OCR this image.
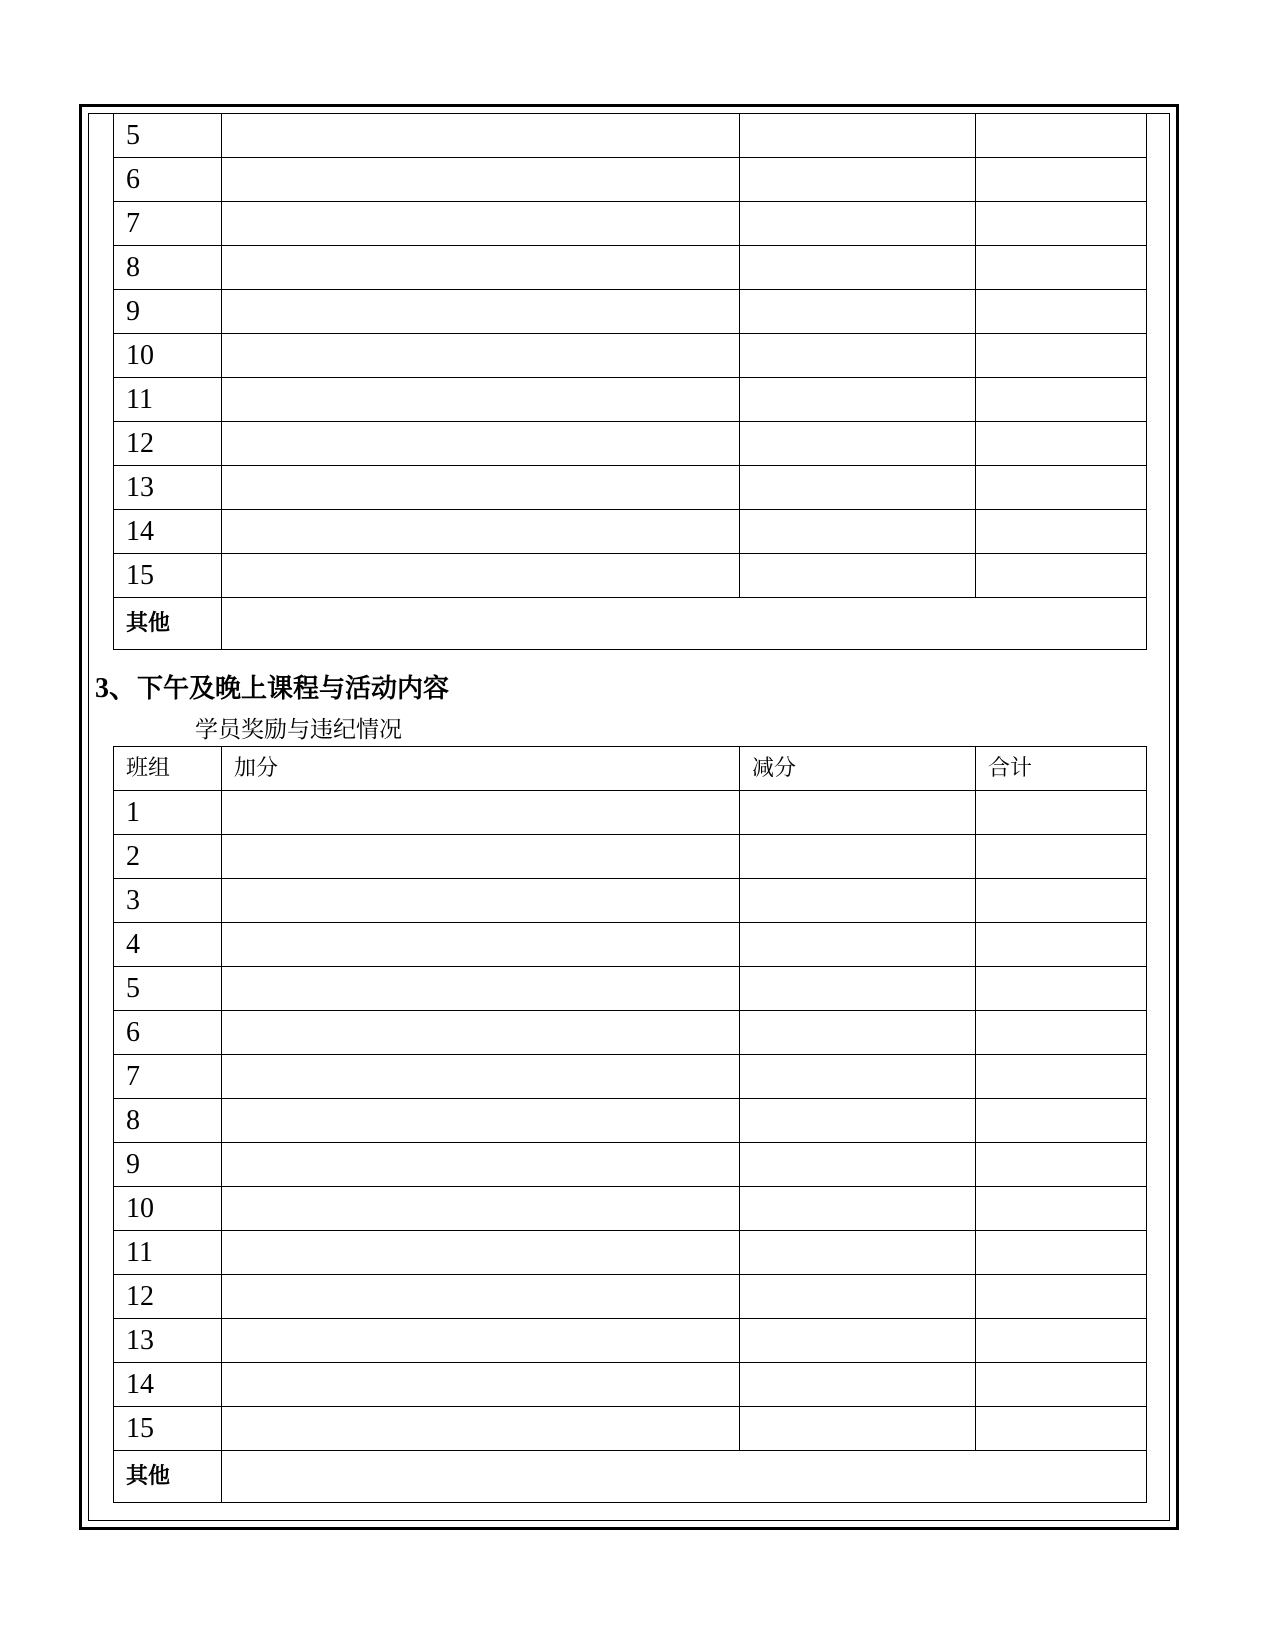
5			
6			
7			
8			
9			
10			
11			
12			
13			
14			
15			
其他			
3、下午及晚上课程与活动内容
学员奖励与违纪情况
班组	加分	减分	合计
1			
2			
3			
4			
5			
6			
7			
8			
9			
10			
11			
12			
13			
14			
15			
其他			
